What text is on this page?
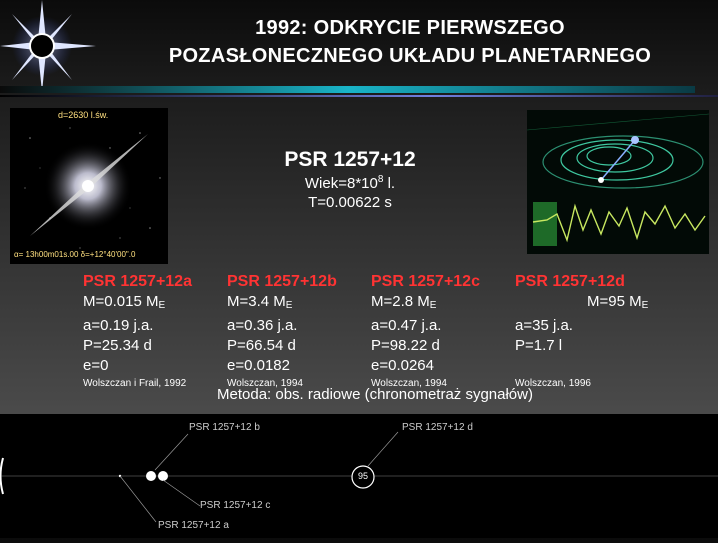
1992: ODKRYCIE PIERWSZEGO
POZASŁONECZNEGO UKŁADU PLANETARNEGO
d=2630 l.św.
α= 13h00m01s.00 δ=+12°40'00".0
PSR 1257+12
$Wiek=8*10^8$ l.
T=0.00622 s
PSR 1257+12a
M=0.015 $M_E$
a=0.19 j.a.
P=25.34 d
e=0
Wolszczan i Frail, 1992
PSR 1257+12b
M=3.4 $M_E$
a=0.36 j.a.
P=66.54 d
e=0.0182
Wolszczan, 1994
PSR 1257+12c
M=2.8 $M_E$
a=0.47 j.a.
P=98.22 d
e=0.0264
Wolszczan, 1994
PSR 1257+12d
M=95 $M_E$
a=35 j.a.
P=1.7 l
Wolszczan, 1996
Metoda: obs. radiowe (chronometraż sygnałów)
PSR 1257+12 b
PSR 1257+12 c
PSR 1257+12 a
PSR 1257+12 d
95
